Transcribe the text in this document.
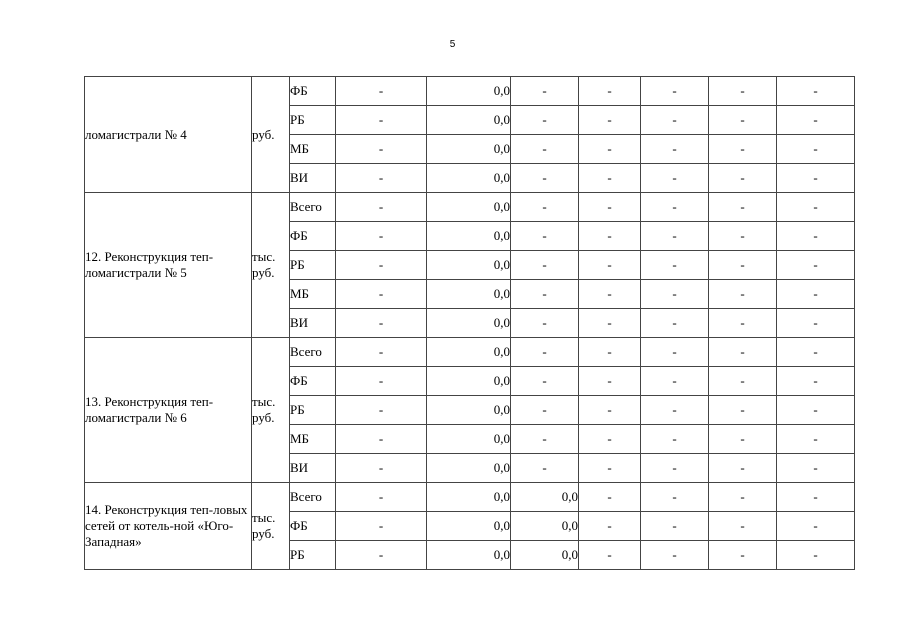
5
ломагистрали № 4	руб.	ФБ	-	0,0	-	-	-	-	-
		РБ	-	0,0	-	-	-	-	-
		МБ	-	0,0	-	-	-	-	-
		ВИ	-	0,0	-	-	-	-	-
12. Реконструкция теп-ломагистрали № 5	тыс. руб.	Всего	-	0,0	-	-	-	-	-
		ФБ	-	0,0	-	-	-	-	-
		РБ	-	0,0	-	-	-	-	-
		МБ	-	0,0	-	-	-	-	-
		ВИ	-	0,0	-	-	-	-	-
13. Реконструкция теп-ломагистрали № 6	тыс. руб.	Всего	-	0,0	-	-	-	-	-
		ФБ	-	0,0	-	-	-	-	-
		РБ	-	0,0	-	-	-	-	-
		МБ	-	0,0	-	-	-	-	-
		ВИ	-	0,0	-	-	-	-	-
14. Реконструкция теп-ловых сетей от котель-ной «Юго-Западная»	тыс. руб.	Всего	-	0,0	0,0	-	-	-	-
		ФБ	-	0,0	0,0	-	-	-	-
		РБ	-	0,0	0,0	-	-	-	-
